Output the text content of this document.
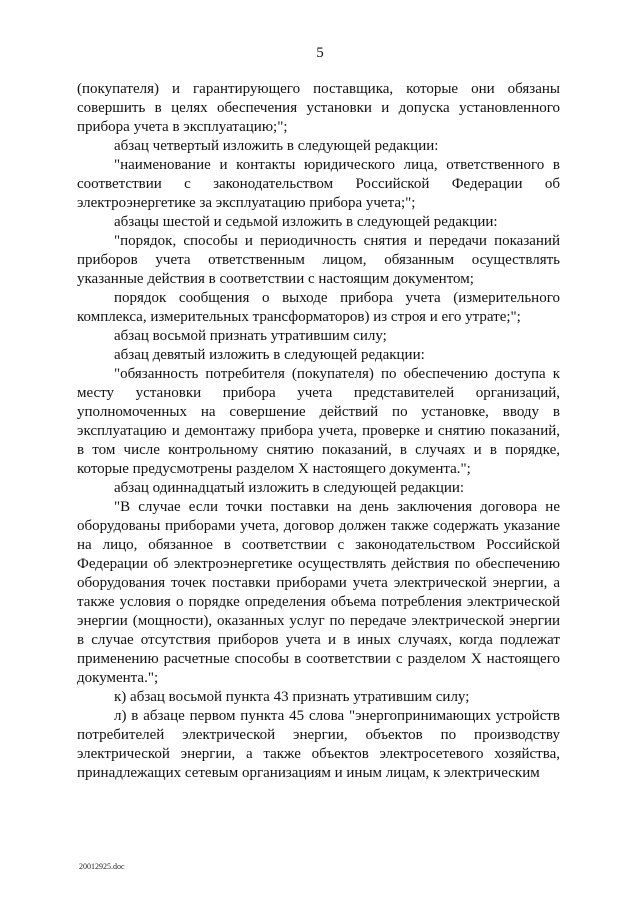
5

(покупателя) и гарантирующего поставщика, которые они обязаны совершить в целях обеспечения установки и допуска установленного прибора учета в эксплуатацию;";

абзац четвертый изложить в следующей редакции:

"наименование и контакты юридического лица, ответственного в соответствии с законодательством Российской Федерации об электроэнергетике за эксплуатацию прибора учета;";

абзацы шестой и седьмой изложить в следующей редакции:

"порядок, способы и периодичность снятия и передачи показаний приборов учета ответственным лицом, обязанным осуществлять указанные действия в соответствии с настоящим документом;

порядок сообщения о выходе прибора учета (измерительного комплекса, измерительных трансформаторов) из строя и его утрате;";

абзац восьмой признать утратившим силу;

абзац девятый изложить в следующей редакции:

"обязанность потребителя (покупателя) по обеспечению доступа к месту установки прибора учета представителей организаций, уполномоченных на совершение действий по установке, вводу в эксплуатацию и демонтажу прибора учета, проверке и снятию показаний, в том числе контрольному снятию показаний, в случаях и в порядке, которые предусмотрены разделом X настоящего документа.";

абзац одиннадцатый изложить в следующей редакции:

"В случае если точки поставки на день заключения договора не оборудованы приборами учета, договор должен также содержать указание на лицо, обязанное в соответствии с законодательством Российской Федерации об электроэнергетике осуществлять действия по обеспечению оборудования точек поставки приборами учета электрической энергии, а также условия о порядке определения объема потребления электрической энергии (мощности), оказанных услуг по передаче электрической энергии в случае отсутствия приборов учета и в иных случаях, когда подлежат применению расчетные способы в соответствии с разделом X настоящего документа.";

к) абзац восьмой пункта 43 признать утратившим силу;

л) в абзаце первом пункта 45 слова "энергопринимающих устройств потребителей электрической энергии, объектов по производству электрической энергии, а также объектов электросетевого хозяйства, принадлежащих сетевым организациям и иным лицам, к электрическим

20012925.doc
